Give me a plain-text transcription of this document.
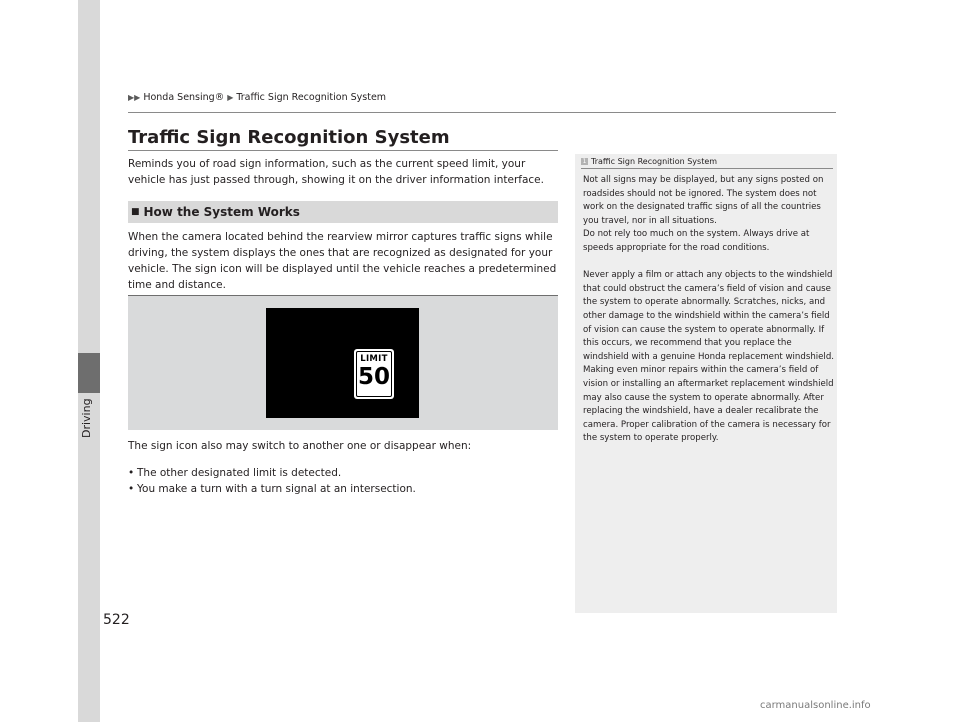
Driving
▶▶ Honda Sensing® ▶ Traffic Sign Recognition System
Traffic Sign Recognition System
Reminds you of road sign information, such as the current speed limit, your vehicle has just passed through, showing it on the driver information interface.
■ How the System Works
When the camera located behind the rearview mirror captures traffic signs while driving, the system displays the ones that are recognized as designated for your vehicle. The sign icon will be displayed until the vehicle reaches a predetermined time and distance.
LIMIT
50
The sign icon also may switch to another one or disappear when:
• The other designated limit is detected.
• You make a turn with a turn signal at an intersection.
522
1 Traffic Sign Recognition System

Not all signs may be displayed, but any signs posted on roadsides should not be ignored. The system does not work on the designated traffic signs of all the countries you travel, nor in all situations.

Do not rely too much on the system. Always drive at speeds appropriate for the road conditions.

Never apply a film or attach any objects to the windshield that could obstruct the camera’s field of vision and cause the system to operate abnormally. Scratches, nicks, and other damage to the windshield within the camera’s field of vision can cause the system to operate abnormally. If this occurs, we recommend that you replace the windshield with a genuine Honda replacement windshield. Making even minor repairs within the camera’s field of vision or installing an aftermarket replacement windshield may also cause the system to operate abnormally. After replacing the windshield, have a dealer recalibrate the camera. Proper calibration of the camera is necessary for the system to operate properly.

carmanualsonline.info
